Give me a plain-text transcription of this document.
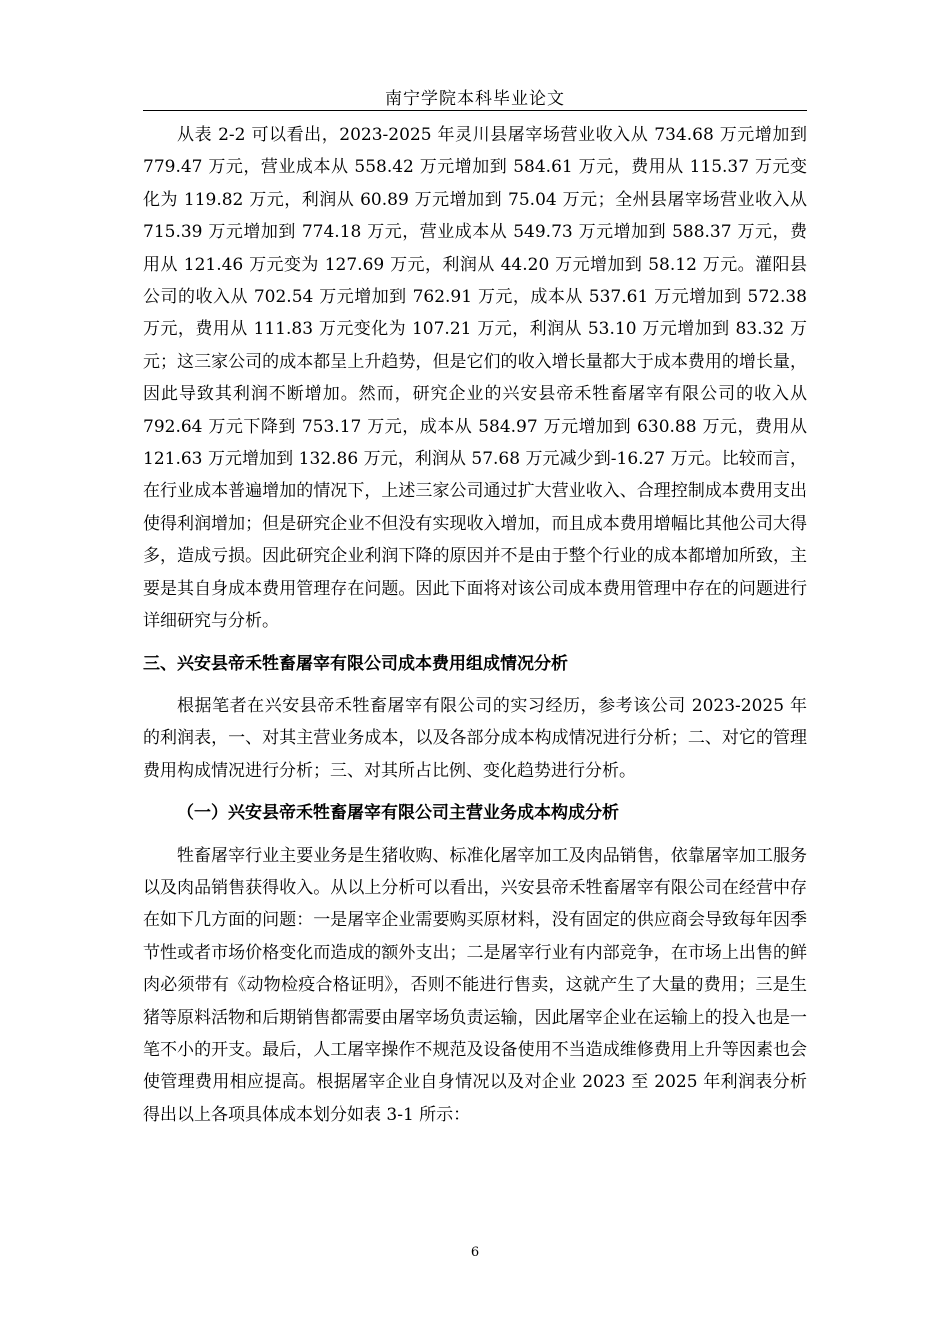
南宁学院本科毕业论文

从表 2-2 可以看出，2023-2025 年灵川县屠宰场营业收入从 734.68 万元增加到 779.47 万元，营业成本从 558.42 万元增加到 584.61 万元，费用从 115.37 万元变化为 119.82 万元，利润从 60.89 万元增加到 75.04 万元；全州县屠宰场营业收入从 715.39 万元增加到 774.18 万元，营业成本从 549.73 万元增加到 588.37 万元，费用从 121.46 万元变为 127.69 万元，利润从 44.20 万元增加到 58.12 万元。灌阳县公司的收入从 702.54 万元增加到 762.91 万元，成本从 537.61 万元增加到 572.38 万元，费用从 111.83 万元变化为 107.21 万元，利润从 53.10 万元增加到 83.32 万元；这三家公司的成本都呈上升趋势，但是它们的收入增长量都大于成本费用的增长量，因此导致其利润不断增加。然而，研究企业的兴安县帝禾牲畜屠宰有限公司的收入从 792.64 万元下降到 753.17 万元，成本从 584.97 万元增加到 630.88 万元，费用从 121.63 万元增加到 132.86 万元，利润从 57.68 万元减少到-16.27 万元。比较而言，在行业成本普遍增加的情况下，上述三家公司通过扩大营业收入、合理控制成本费用支出使得利润增加；但是研究企业不但没有实现收入增加，而且成本费用增幅比其他公司大得多，造成亏损。因此研究企业利润下降的原因并不是由于整个行业的成本都增加所致，主要是其自身成本费用管理存在问题。因此下面将对该公司成本费用管理中存在的问题进行详细研究与分析。

三、兴安县帝禾牲畜屠宰有限公司成本费用组成情况分析

根据笔者在兴安县帝禾牲畜屠宰有限公司的实习经历，参考该公司 2023-2025 年的利润表，一、对其主营业务成本，以及各部分成本构成情况进行分析；二、对它的管理费用构成情况进行分析；三、对其所占比例、变化趋势进行分析。

（一）兴安县帝禾牲畜屠宰有限公司主营业务成本构成分析

牲畜屠宰行业主要业务是生猪收购、标准化屠宰加工及肉品销售，依靠屠宰加工服务以及肉品销售获得收入。从以上分析可以看出，兴安县帝禾牲畜屠宰有限公司在经营中存在如下几方面的问题：一是屠宰企业需要购买原材料，没有固定的供应商会导致每年因季节性或者市场价格变化而造成的额外支出；二是屠宰行业有内部竞争，在市场上出售的鲜肉必须带有《动物检疫合格证明》，否则不能进行售卖，这就产生了大量的费用；三是生猪等原料活物和后期销售都需要由屠宰场负责运输，因此屠宰企业在运输上的投入也是一笔不小的开支。最后，人工屠宰操作不规范及设备使用不当造成维修费用上升等因素也会使管理费用相应提高。根据屠宰企业自身情况以及对企业 2023 至 2025 年利润表分析得出以上各项具体成本划分如表 3-1 所示：

6
